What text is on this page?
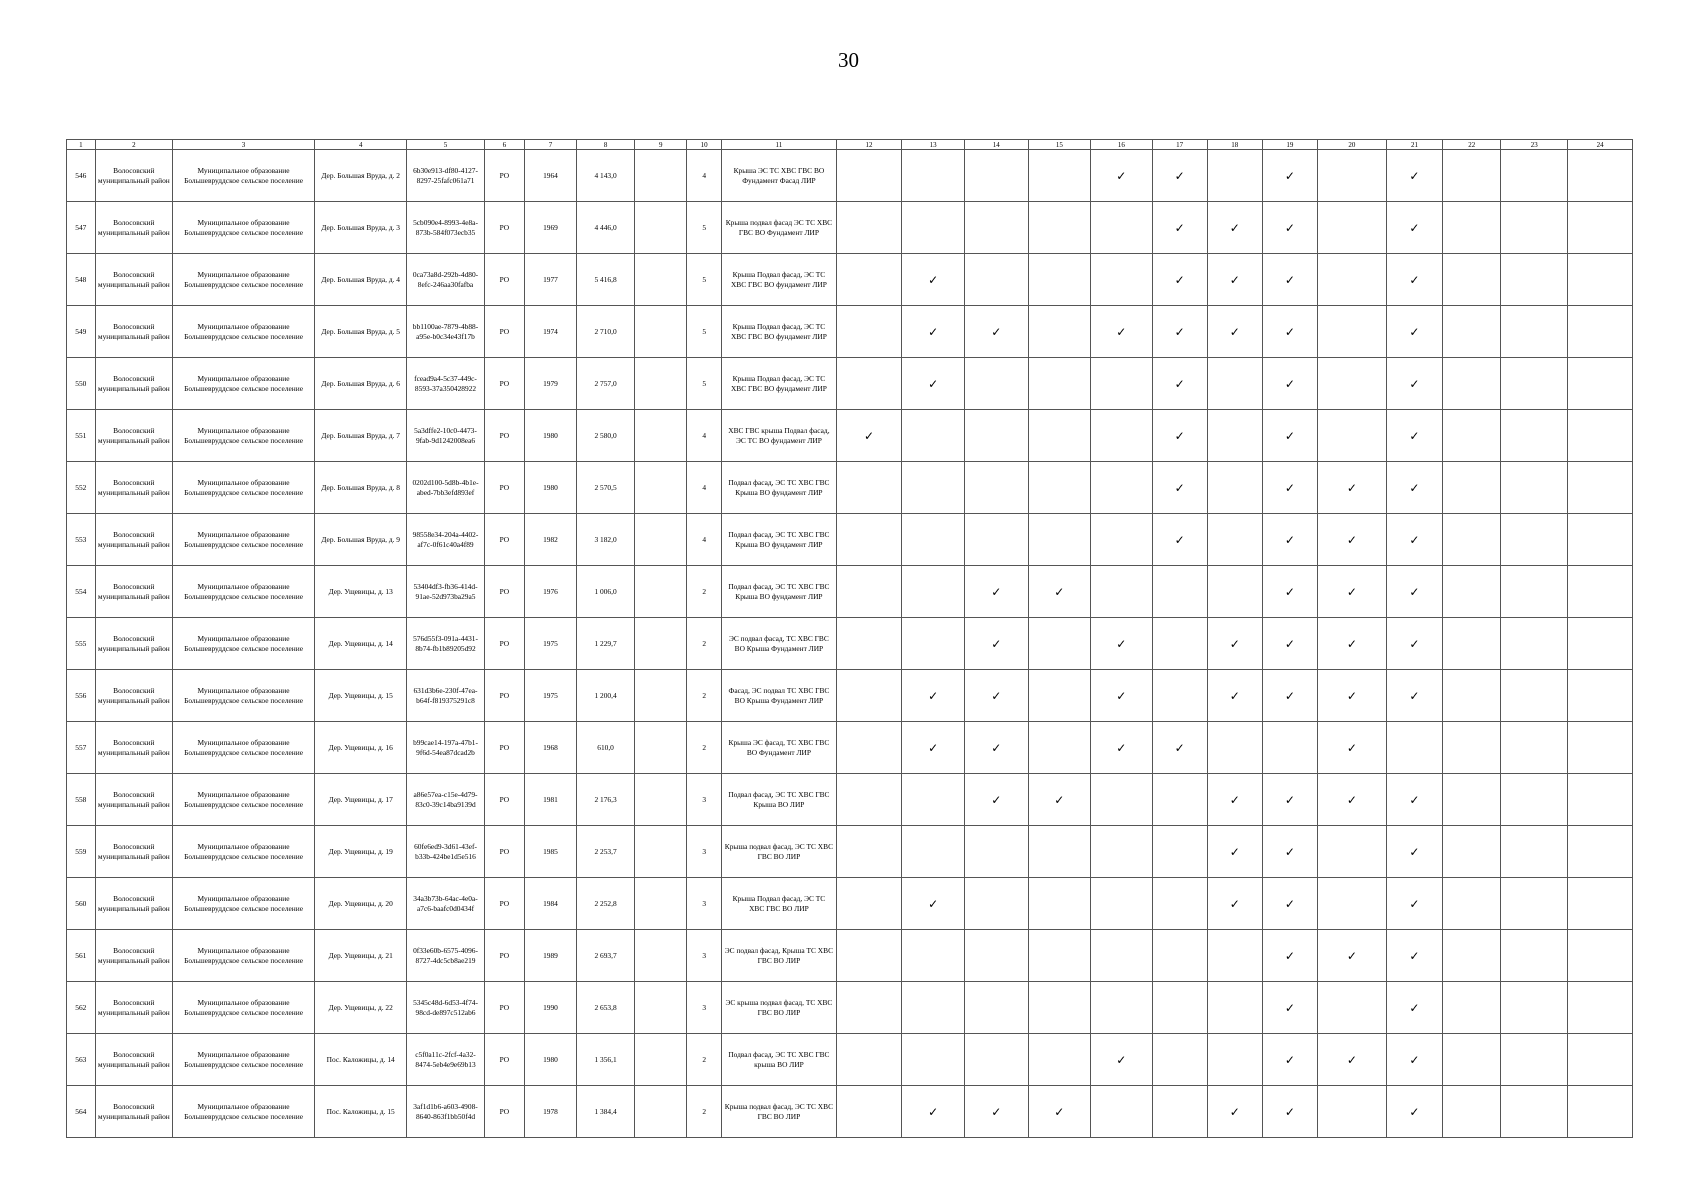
30
1	2	3	4	5	6	7	8	9	10	11	12	13	14	15	16	17	18	19	20	21	22	23	24
546	Волосовский муниципальный район	Муниципальное образование Большевруддское сельское поселение	Дер. Большая Вруда, д. 2	6b30e913-df80-4127-8297-25fafc061a71	РО	1964	4 143,0		4	Крыша ЭС ТС ХВС ГВС ВО Фундамент Фасад ЛИР					✓	✓		✓		✓			
547	Волосовский муниципальный район	Муниципальное образование Большевруддское сельское поселение	Дер. Большая Вруда, д. 3	5cb090e4-8993-4e8a-873b-584f073ecb35	РО	1969	4 446,0		5	Крыша подвал фасад ЭС ТС ХВС ГВС ВО Фундамент ЛИР						✓	✓	✓		✓			
548	Волосовский муниципальный район	Муниципальное образование Большевруддское сельское поселение	Дер. Большая Вруда, д. 4	0ca73a8d-292b-4d80-8efc-246aa30fafba	РО	1977	5 416,8		5	Крыша Подвал фасад, ЭС ТС ХВС ГВС ВО фундамент ЛИР		✓				✓	✓	✓		✓			
549	Волосовский муниципальный район	Муниципальное образование Большевруддское сельское поселение	Дер. Большая Вруда, д. 5	bb1100ae-7879-4b88-a95e-b0c34e43f17b	РО	1974	2 710,0		5	Крыша Подвал фасад, ЭС ТС ХВС ГВС ВО фундамент ЛИР		✓	✓		✓	✓	✓	✓		✓			
550	Волосовский муниципальный район	Муниципальное образование Большевруддское сельское поселение	Дер. Большая Вруда, д. 6	fcead9a4-5c37-449c-8593-37a350428922	РО	1979	2 757,0		5	Крыша Подвал фасад, ЭС ТС ХВС ГВС ВО фундамент ЛИР		✓				✓		✓		✓			
551	Волосовский муниципальный район	Муниципальное образование Большевруддское сельское поселение	Дер. Большая Вруда, д. 7	5a3dffe2-10c0-4473-9fab-9d1242008ea6	РО	1980	2 580,0		4	ХВС ГВС крыша Подвал фасад, ЭС ТС ВО фундамент ЛИР	✓					✓		✓		✓			
552	Волосовский муниципальный район	Муниципальное образование Большевруддское сельское поселение	Дер. Большая Вруда, д. 8	0202d100-5d8b-4b1e-abed-7bb3efd893ef	РО	1980	2 570,5		4	Подвал фасад, ЭС ТС ХВС ГВС Крыша ВО фундамент ЛИР						✓		✓	✓	✓			
553	Волосовский муниципальный район	Муниципальное образование Большевруддское сельское поселение	Дер. Большая Вруда, д. 9	98558e34-204a-4402-af7c-0f61c40a4f89	РО	1982	3 182,0		4	Подвал фасад, ЭС ТС ХВС ГВС Крыша ВО фундамент ЛИР						✓		✓	✓	✓			
554	Волосовский муниципальный район	Муниципальное образование Большевруддское сельское поселение	Дер. Ущевицы, д. 13	53404df3-fb36-414d-91ae-52d973ba29a5	РО	1976	1 006,0		2	Подвал фасад, ЭС ТС ХВС ГВС Крыша ВО фундамент ЛИР			✓	✓				✓	✓	✓			
555	Волосовский муниципальный район	Муниципальное образование Большевруддское сельское поселение	Дер. Ущевицы, д. 14	576d55f3-091a-4431-8b74-fb1b89205d92	РО	1975	1 229,7		2	ЭС подвал фасад, ТС ХВС ГВС ВО Крыша Фундамент ЛИР			✓		✓		✓	✓	✓	✓			
556	Волосовский муниципальный район	Муниципальное образование Большевруддское сельское поселение	Дер. Ущевицы, д. 15	631d3b6e-230f-47ea-b64f-f819375291c8	РО	1975	1 200,4		2	Фасад, ЭС подвал ТС ХВС ГВС ВО Крыша Фундамент ЛИР		✓	✓		✓		✓	✓	✓	✓			
557	Волосовский муниципальный район	Муниципальное образование Большевруддское сельское поселение	Дер. Ущевицы, д. 16	b99cae14-197a-47b1-9f6d-54ea87dcad2b	РО	1968	610,0		2	Крыша ЭС фасад, ТС ХВС ГВС ВО Фундамент ЛИР		✓	✓		✓	✓			✓				
558	Волосовский муниципальный район	Муниципальное образование Большевруддское сельское поселение	Дер. Ущевицы, д. 17	a86e57ea-c15e-4d79-83c0-39c14ba9139d	РО	1981	2 176,3		3	Подвал фасад, ЭС ТС ХВС ГВС Крыша ВО ЛИР			✓	✓			✓	✓	✓	✓			
559	Волосовский муниципальный район	Муниципальное образование Большевруддское сельское поселение	Дер. Ущевицы, д. 19	60fe6ed9-3d61-43ef-b33b-424be1d5e516	РО	1985	2 253,7		3	Крыша подвал фасад, ЭС ТС ХВС ГВС ВО ЛИР							✓	✓		✓			
560	Волосовский муниципальный район	Муниципальное образование Большевруддское сельское поселение	Дер. Ущевицы, д. 20	34a3b73b-64ac-4e0a-a7c6-baafc0d0434f	РО	1984	2 252,8		3	Крыша Подвал фасад, ЭС ТС ХВС ГВС ВО ЛИР		✓					✓	✓		✓			
561	Волосовский муниципальный район	Муниципальное образование Большевруддское сельское поселение	Дер. Ущевицы, д. 21	0f33e60b-6575-4096-8727-4dc5cb8ae219	РО	1989	2 693,7		3	ЭС подвал фасад, Крыша ТС ХВС ГВС ВО ЛИР								✓	✓	✓			
562	Волосовский муниципальный район	Муниципальное образование Большевруддское сельское поселение	Дер. Ущевицы, д. 22	5345c48d-6d53-4f74-98cd-de897c512ab6	РО	1990	2 653,8		3	ЭС крыша подвал фасад, ТС ХВС ГВС ВО ЛИР								✓		✓			
563	Волосовский муниципальный район	Муниципальное образование Большевруддское сельское поселение	Пос. Каложицы, д. 14	c5f0a11c-2fcf-4a32-8474-5eb4e9e69b13	РО	1980	1 356,1		2	Подвал фасад, ЭС ТС ХВС ГВС крыша ВО ЛИР					✓			✓	✓	✓			
564	Волосовский муниципальный район	Муниципальное образование Большевруддское сельское поселение	Пос. Каложицы, д. 15	3af1d1b6-a603-4908-8640-863f1bb50f4d	РО	1978	1 384,4		2	Крыша подвал фасад, ЭС ТС ХВС ГВС ВО ЛИР		✓	✓	✓			✓	✓		✓			
